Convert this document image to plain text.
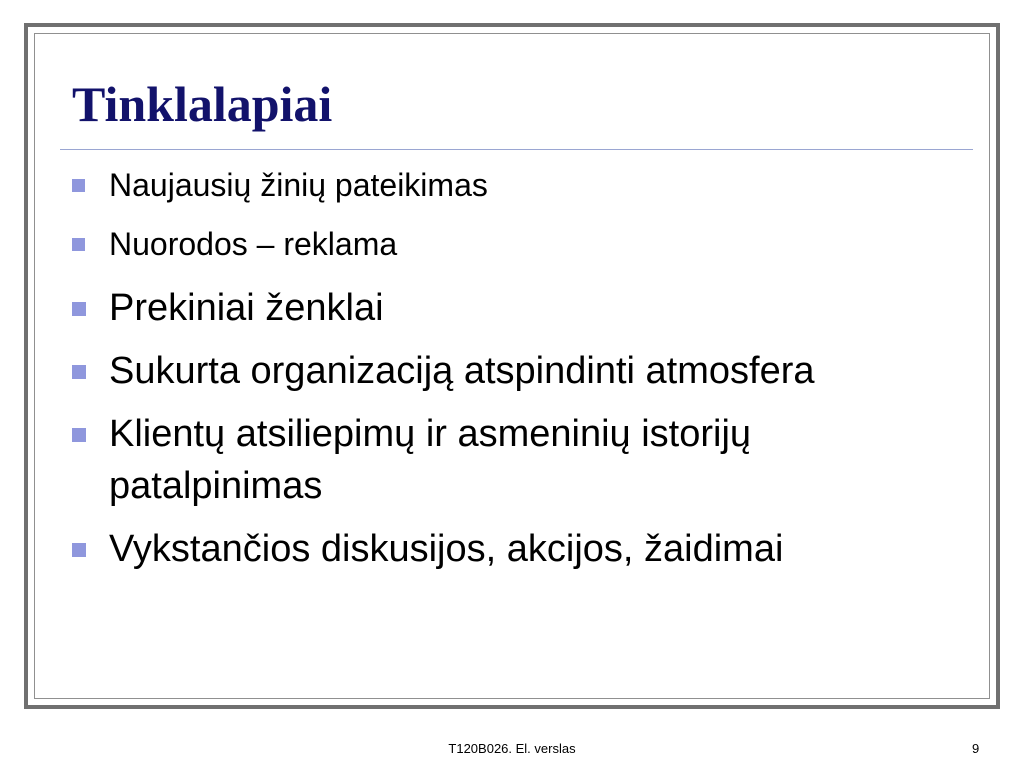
Tinklalapiai
Naujausių žinių pateikimas
Nuorodos – reklama
Prekiniai ženklai
Sukurta organizaciją atspindinti atmosfera
Klientų atsiliepimų ir asmeninių istorijų patalpinimas
Vykstančios diskusijos, akcijos, žaidimai
T120B026. El. verslas	9
